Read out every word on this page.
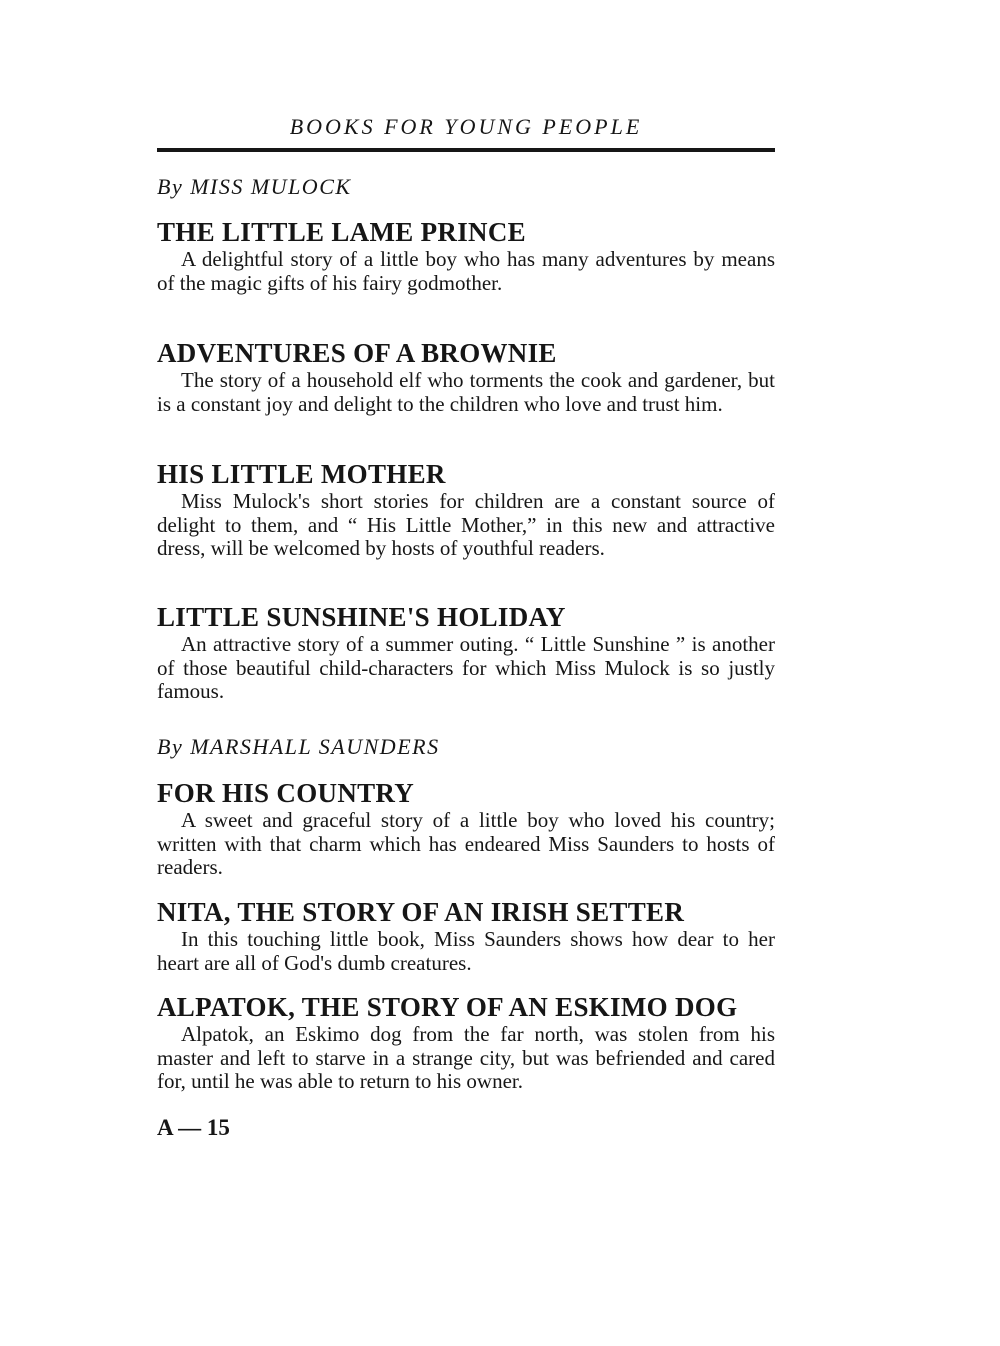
BOOKS FOR YOUNG PEOPLE
By MISS MULOCK
THE LITTLE LAME PRINCE

A delightful story of a little boy who has many adventures by means of the magic gifts of his fairy godmother.

ADVENTURES OF A BROWNIE

The story of a household elf who torments the cook and gardener, but is a constant joy and delight to the children who love and trust him.

HIS LITTLE MOTHER

Miss Mulock's short stories for children are a constant source of delight to them, and “ His Little Mother,” in this new and attractive dress, will be welcomed by hosts of youthful readers.

LITTLE SUNSHINE'S HOLIDAY

An attractive story of a summer outing. “ Little Sunshine ” is another of those beautiful child-characters for which Miss Mulock is so justly famous.

By MARSHALL SAUNDERS
FOR HIS COUNTRY

A sweet and graceful story of a little boy who loved his country; written with that charm which has endeared Miss Saunders to hosts of readers.

NITA, THE STORY OF AN IRISH SETTER

In this touching little book, Miss Saunders shows how dear to her heart are all of God's dumb creatures.

ALPATOK, THE STORY OF AN ESKIMO DOG

Alpatok, an Eskimo dog from the far north, was stolen from his master and left to starve in a strange city, but was befriended and cared for, until he was able to return to his owner.

A — 15
